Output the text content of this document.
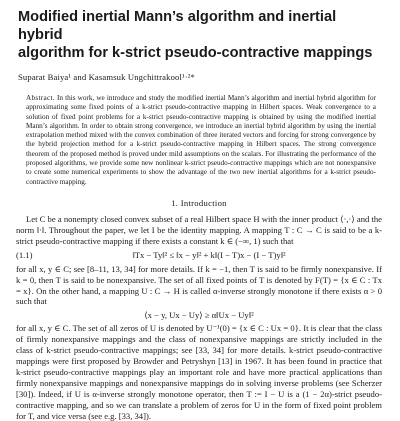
Modified inertial Mann’s algorithm and inertial hybrid
algorithm for k-strict pseudo-contractive mappings
Suparat Baiya¹ and Kasamsuk Ungchittrakool¹·²*
Abstract. In this work, we introduce and study the modified inertial Mann’s algorithm and inertial hybrid algorithm for approximating some fixed points of a k-strict pseudo-contractive mapping in Hilbert spaces. Weak convergence to a solution of fixed point problems for a k-strict pseudo-contractive mapping is obtained by using the modified inertial Mann’s algorithm. In order to obtain strong convergence, we introduce an inertial hybrid algorithm by using the inertial extrapolation method mixed with the convex combination of three iterated vectors and forcing for strong convergence by the hybrid projection method for a k-strict pseudo-contractive mapping in Hilbert spaces. The strong convergence theorem of the proposed method is proved under mild assumptions on the scalars. For illustrating the performance of the proposed algorithms, we provide some new nonlinear k-strict pseudo-contractive mappings which are not nonexpansive to create some numerical experiments to show the advantage of the two new inertial algorithms for a k-strict pseudo-contractive mapping.
1. Introduction

Let C be a nonempty closed convex subset of a real Hilbert space H with the inner product ⟨·,·⟩ and the norm ‖·‖. Throughout the paper, we let I be the identity mapping. A mapping T : C → C is said to be a k-strict pseudo-contractive mapping if there exists a constant k ∈ (−∞, 1) such that

(1.1)	‖Tx − Ty‖² ≤ ‖x − y‖² + k‖(I − T)x − (I − T)y‖²

for all x, y ∈ C; see [8–11, 13, 34] for more details. If k = −1, then T is said to be firmly nonexpansive. If k = 0, then T is said to be nonexpansive. The set of all fixed points of T is denoted by F(T) = {x ∈ C : Tx = x}. On the other hand, a mapping U : C → H is called α-inverse strongly monotone if there exists α > 0 such that

⟨x − y, Ux − Uy⟩ ≥ α‖Ux − Uy‖²

for all x, y ∈ C. The set of all zeros of U is denoted by U⁻¹(0) = {x ∈ C : Ux = 0}. It is clear that the class of firmly nonexpansive mappings and the class of nonexpansive mappings are strictly included in the class of k-strict pseudo-contractive mappings; see [33, 34] for more details. k-strict pseudo-contractive mappings were first proposed by Browder and Petryshyn [13] in 1967. It has been found in practice that k-strict pseudo-contractive mappings play an important role and have more practical applications than firmly nonexpansive mappings and nonexpansive mappings do in solving inverse problems (see Scherzer [30]). Indeed, if U is α-inverse strongly monotone operator, then T := I − U is a (1 − 2α)-strict pseudo-contractive mapping, and so we can translate a problem of zeros for U in the form of fixed point problem for T, and vice versa (see e.g. [33, 34]).
